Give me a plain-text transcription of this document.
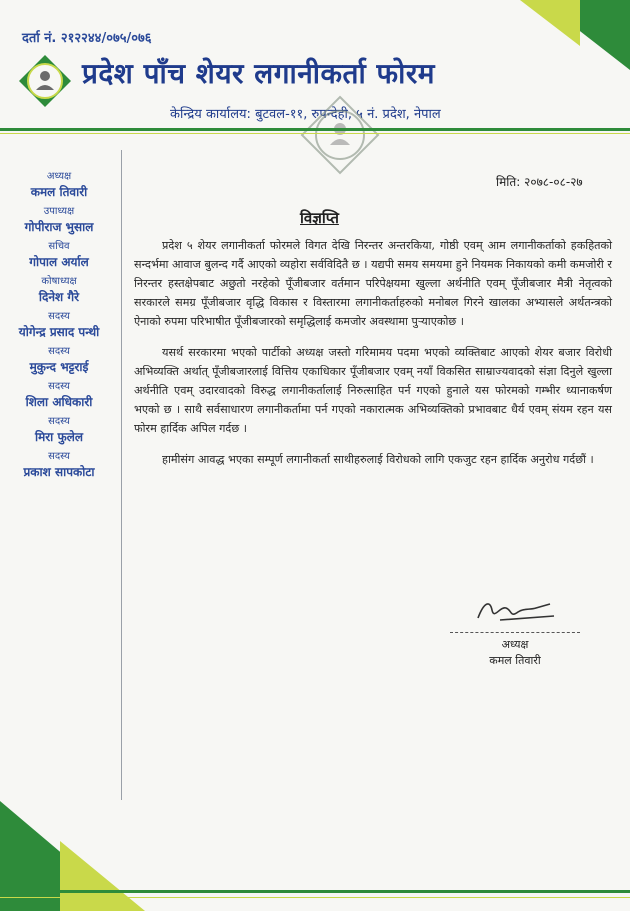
दर्ता नं. २१२२४४/०७५/०७६
प्रदेश पाँच शेयर लगानीकर्ता फोरम
केन्द्रिय कार्यालय: बुटवल-११, रुपन्देही, ५ नं. प्रदेश, नेपाल
अध्यक्ष
कमल तिवारी
उपाध्यक्ष
गोपीराज भुसाल
सचिव
गोपाल अर्याल
कोषाध्यक्ष
दिनेश गैरे
सदस्य
योगेन्द्र प्रसाद पन्थी
सदस्य
मुकुन्द भट्टराई
सदस्य
शिला अधिकारी
सदस्य
मिरा फुलेल
सदस्य
प्रकाश सापकोटा
मिति: २०७८-०८-२७
विज्ञप्ति

प्रदेश ५ शेयर लगानीकर्ता फोरमले विगत देखि निरन्तर अन्तरकिया, गोष्ठी एवम् आम लगानीकर्ताको हकहितको सन्दर्भमा आवाज बुलन्द गर्दै आएको व्यहोरा सर्वविदितै छ । यद्यपी समय समयमा हुने नियमक निकायको कमी कमजोरी र निरन्तर हस्तक्षेपबाट अछुतो नरहेको पूँजीबजार वर्तमान परिपेक्षयमा खुल्ला अर्थनीति एवम् पूँजीबजार मैत्री नेतृत्वको सरकारले समग्र पूँजीबजार वृद्धि विकास र विस्तारमा लगानीकर्ताहरुको मनोबल गिरने खालका अभ्यासले अर्थतन्त्रको ऐनाको रुपमा परिभाषीत पूँजीबजारको समृद्धिलाई कमजोर अवस्थामा पुऱ्याएकोछ ।

यसर्थ सरकारमा भएको पार्टीको अध्यक्ष जस्तो गरिमामय पदमा भएको व्यक्तिबाट आएको शेयर बजार विरोधी अभिव्यक्ति अर्थात् पूँजीबजारलाई वित्तिय एकाधिकार पूँजीबजार एवम् नयाँ विकसित साम्राज्यवादको संज्ञा दिनुले खुल्ला अर्थनीति एवम् उदारवादको विरुद्ध लगानीकर्तालाई निरुत्साहित पर्न गएको हुनाले यस फोरमको गम्भीर ध्यानाकर्षण भएको छ । साथै सर्वसाधारण लगानीकर्तामा पर्न गएको नकारात्मक अभिव्यक्तिको प्रभावबाट धैर्य एवम् संयम रहन यस फोरम हार्दिक अपिल गर्दछ ।

हामीसंग आवद्ध भएका सम्पूर्ण लगानीकर्ता साथीहरुलाई विरोधको लागि एकजुट रहन हार्दिक अनुरोध गर्दछौं ।

अध्यक्ष
कमल तिवारी
